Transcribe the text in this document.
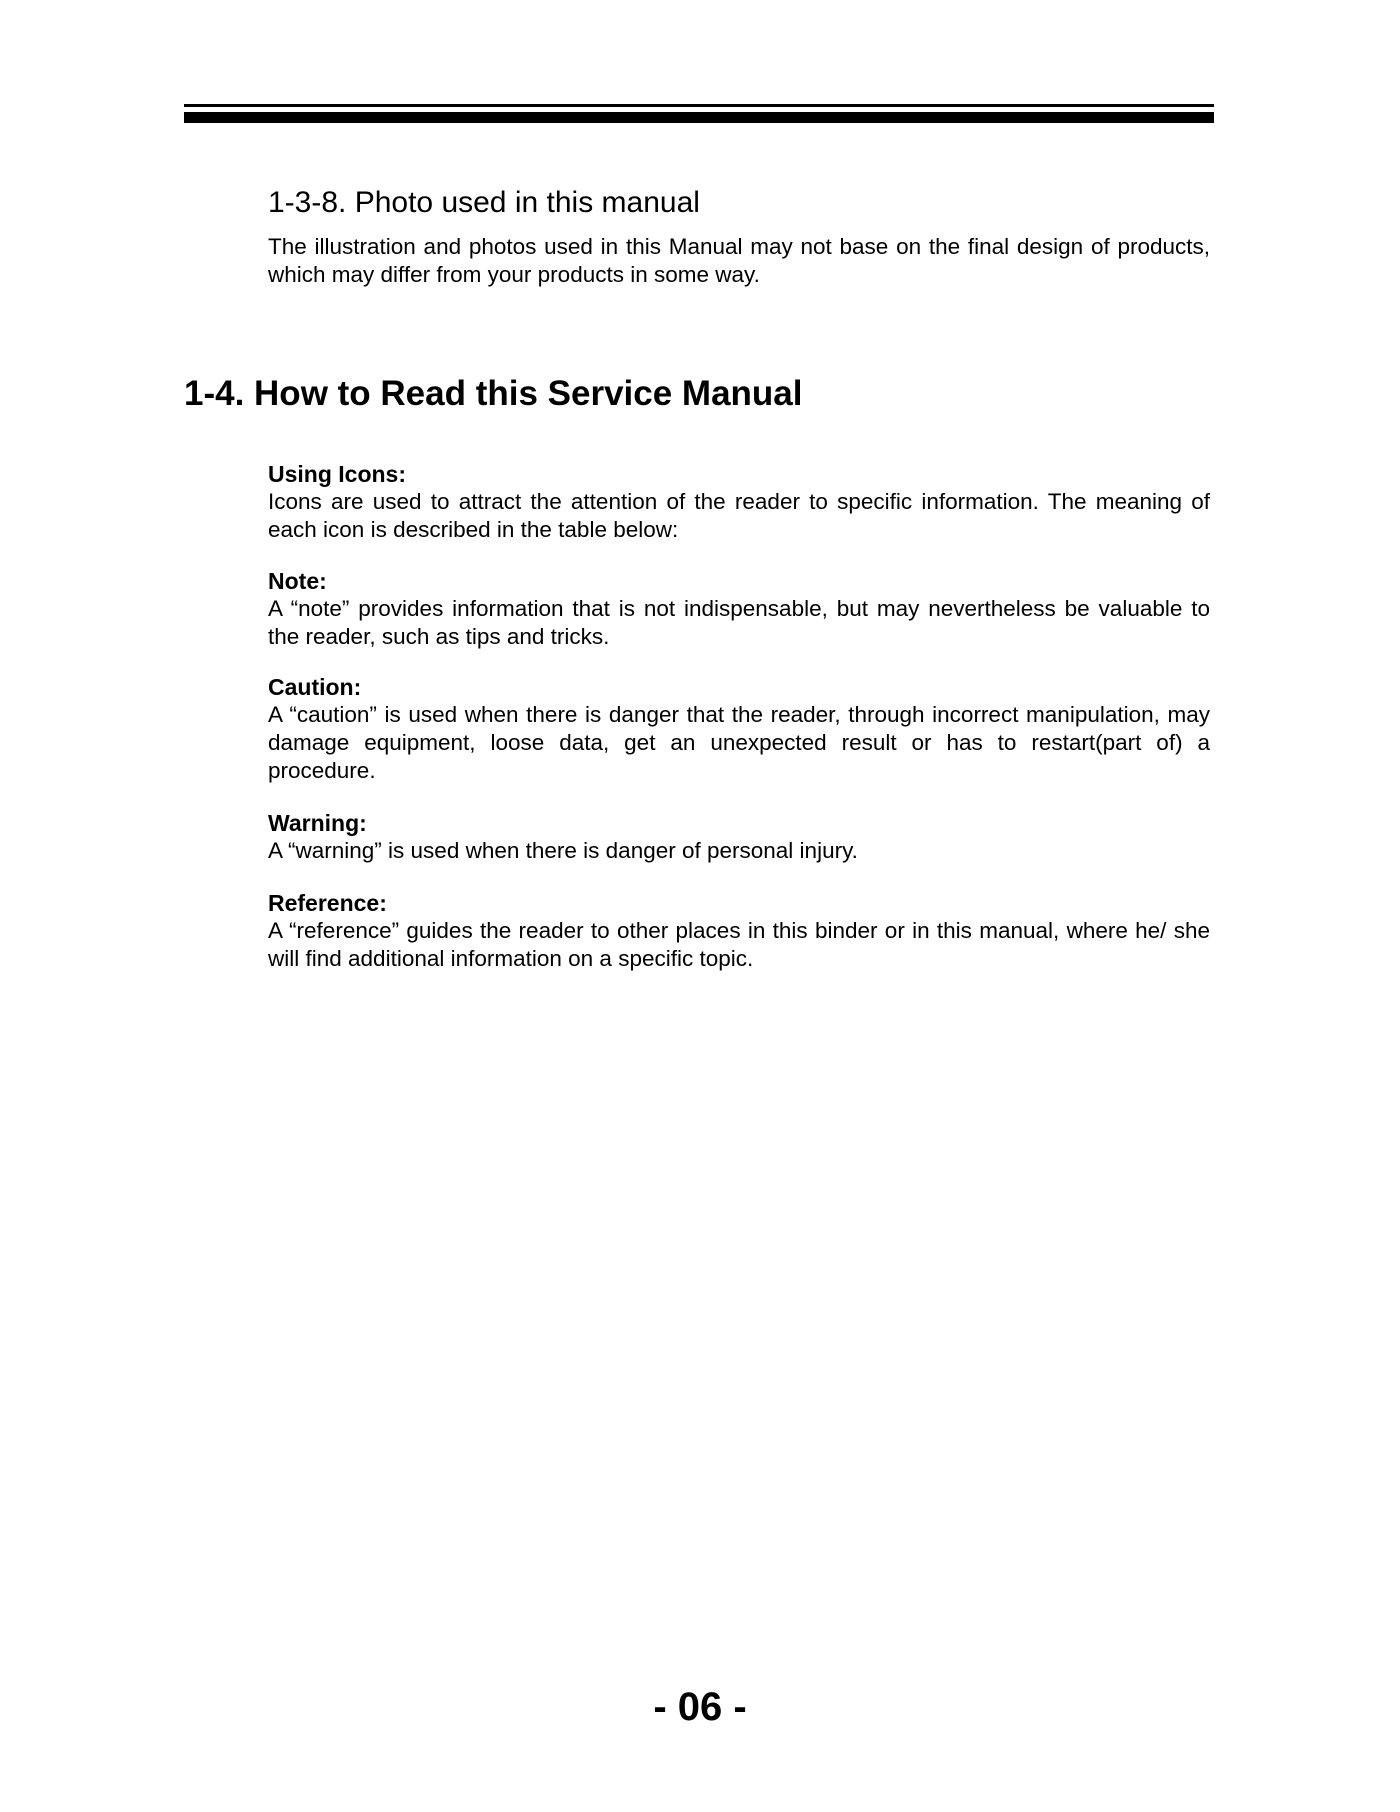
1-3-8. Photo used in this manual

The illustration and photos used in this Manual may not base on the final design of products, which may differ from your products in some way.

1-4. How to Read this Service Manual

Using Icons:

Icons are used to attract the attention of the reader to specific information. The meaning of each icon is described in the table below:

Note:

A “note” provides information that is not indispensable, but may nevertheless be valuable to the reader, such as tips and tricks.

Caution:

A “caution” is used when there is danger that the reader, through incorrect manipulation, may damage equipment, loose data, get an unexpected result or has to restart(part of) a procedure.

Warning:

A “warning” is used when there is danger of personal injury.

Reference:

A “reference” guides the reader to other places in this binder or in this manual, where he/ she will find additional information on a specific topic.

- 06 -
